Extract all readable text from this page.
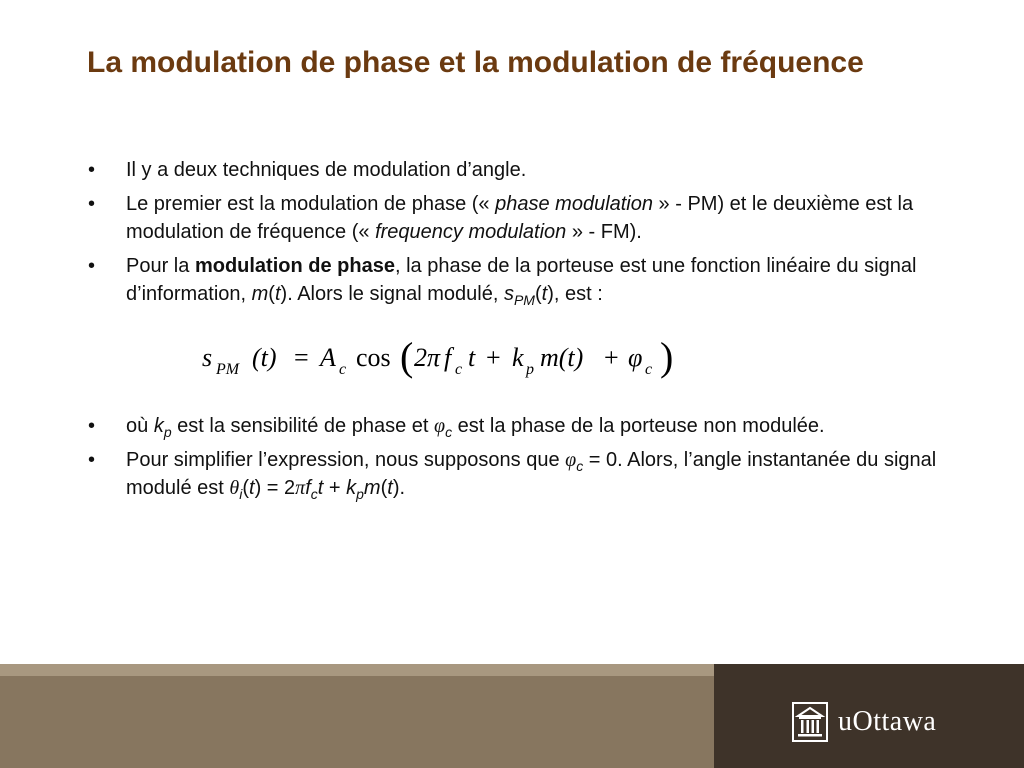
La modulation de phase et la modulation de fréquence
• Il y a deux techniques de modulation d’angle.
• Le premier est la modulation de phase (« phase modulation » - PM) et le deuxième est la modulation de fréquence (« frequency modulation » - FM).
• Pour la modulation de phase, la phase de la porteuse est une fonction linéaire du signal d’information, m(t). Alors le signal modulé, $s_{PM}(t)$, est :
s PM (t) = A c cos ( 2π f c t + k p m(t) + φ c )
• où $k_p$ est la sensibilité de phase et $\varphi_c$ est la phase de la porteuse non modulée.
• Pour simplifier l’expression, nous supposons que $\varphi_c = 0$. Alors, l’angle instantanée du signal modulé est $\theta_i(t) = 2\pi f_ct + k_pm(t)$.
uOttawa
